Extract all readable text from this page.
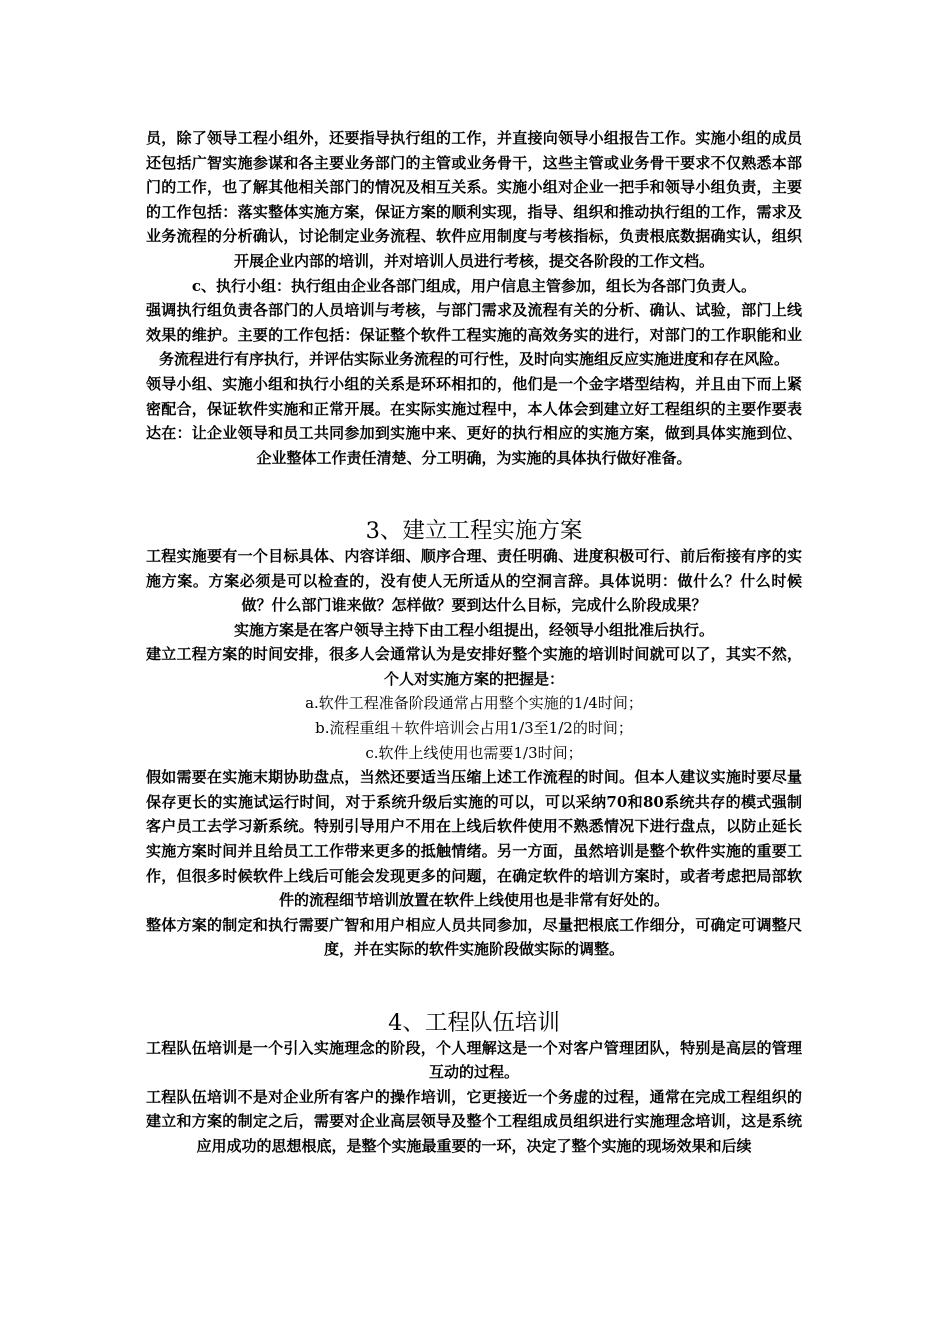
员，除了领导工程小组外，还要指导执行组的工作，并直接向领导小组报告工作。实施小组的成员还包括广智实施参谋和各主要业务部门的主管或业务骨干，这些主管或业务骨干要求不仅熟悉本部门的工作，也了解其他相关部门的情况及相互关系。实施小组对企业一把手和领导小组负责，主要的工作包括：落实整体实施方案，保证方案的顺利实现，指导、组织和推动执行组的工作，需求及业务流程的分析确认，讨论制定业务流程、软件应用制度与考核指标，负责根底数据确实认，组织开展企业内部的培训，并对培训人员进行考核，提交各阶段的工作文档。

c、执行小组：执行组由企业各部门组成，用户信息主管参加，组长为各部门负责人。

强调执行组负责各部门的人员培训与考核，与部门需求及流程有关的分析、确认、试验，部门上线效果的维护。主要的工作包括：保证整个软件工程实施的高效务实的进行，对部门的工作职能和业务流程进行有序执行，并评估实际业务流程的可行性，及时向实施组反应实施进度和存在风险。

领导小组、实施小组和执行小组的关系是环环相扣的，他们是一个金字塔型结构，并且由下而上紧密配合，保证软件实施和正常开展。在实际实施过程中，本人体会到建立好工程组织的主要作要表达在：让企业领导和员工共同参加到实施中来、更好的执行相应的实施方案，做到具体实施到位、企业整体工作责任清楚、分工明确，为实施的具体执行做好准备。

3、建立工程实施方案

工程实施要有一个目标具体、内容详细、顺序合理、责任明确、进度积极可行、前后衔接有序的实施方案。方案必须是可以检查的，没有使人无所适从的空洞言辞。具体说明：做什么？什么时候做？什么部门谁来做？怎样做？要到达什么目标，完成什么阶段成果？

实施方案是在客户领导主持下由工程小组提出，经领导小组批准后执行。

建立工程方案的时间安排，很多人会通常认为是安排好整个实施的培训时间就可以了，其实不然，个人对实施方案的把握是：

a.软件工程准备阶段通常占用整个实施的1/4时间；

b.流程重组＋软件培训会占用1/3至1/2的时间；

c.软件上线使用也需要1/3时间；

假如需要在实施末期协助盘点，当然还要适当压缩上述工作流程的时间。但本人建议实施时要尽量保存更长的实施试运行时间，对于系统升级后实施的可以，可以采纳70和80系统共存的模式强制客户员工去学习新系统。特别引导用户不用在上线后软件使用不熟悉情况下进行盘点，以防止延长实施方案时间并且给员工工作带来更多的抵触情绪。另一方面，虽然培训是整个软件实施的重要工作，但很多时候软件上线后可能会发现更多的问题，在确定软件的培训方案时，或者考虑把局部软件的流程细节培训放置在软件上线使用也是非常有好处的。

整体方案的制定和执行需要广智和用户相应人员共同参加，尽量把根底工作细分，可确定可调整尺度，并在实际的软件实施阶段做实际的调整。

4、工程队伍培训

工程队伍培训是一个引入实施理念的阶段，个人理解这是一个对客户管理团队，特别是高层的管理互动的过程。

工程队伍培训不是对企业所有客户的操作培训，它更接近一个务虚的过程，通常在完成工程组织的建立和方案的制定之后，需要对企业高层领导及整个工程组成员组织进行实施理念培训，这是系统应用成功的思想根底，是整个实施最重要的一环，决定了整个实施的现场效果和后续
